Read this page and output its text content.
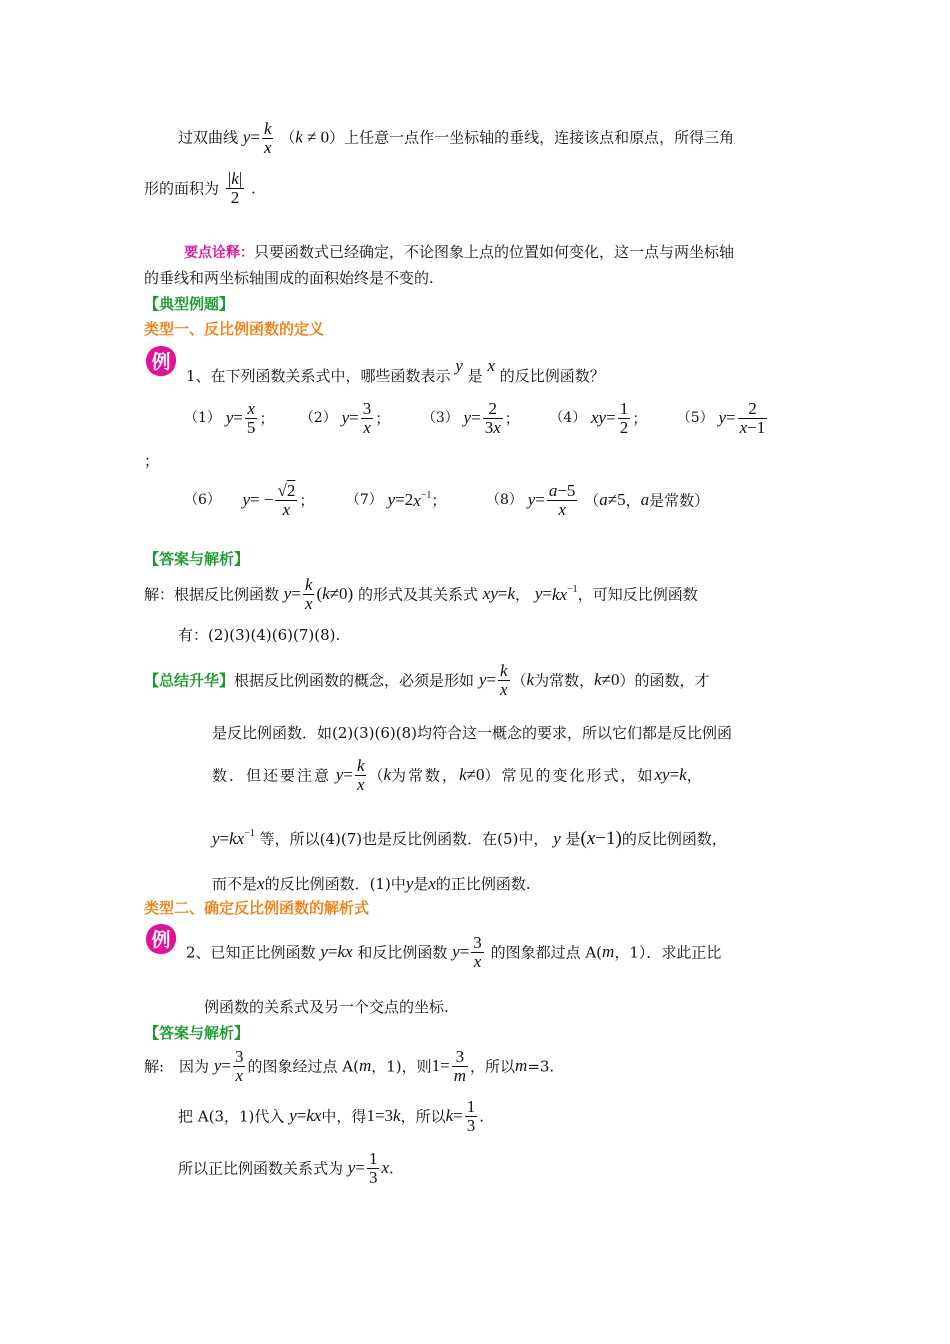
过双曲线 $y= \frac{k}{x} (k \ne 0)$上任意一点作一坐标轴的垂线，连接该点和原点，所得三角
形的面积为 $\frac{|k|}{2}$ .
要点诠释：只要函数式已经确定，不论图象上点的位置如何变化，这一点与两坐标轴
的垂线和两坐标轴围成的面积始终是不变的.
【典型例题】
类型一、反比例函数的定义
例
1、在下列函数关系式中，哪些函数表示 y 是 x 的反比例函数？
（1） $y= \frac{x}{5}$ ； （2） $y= \frac{3}{x}$ ； （3） $y= \frac{2}{3x}$ ； （4） $xy= \frac{1}{2}$ ； （5） $y= \frac{2}{x-1}$
；
（6） $y= - \frac{√2}{x}$ ； （7） $y=2x^{-1}$；	（8） $y= \frac{a-5}{x} (a\ne 5$，a是常数）
【答案与解析】
解：根据反比例函数 $y= \frac{k}{x} (k\ne 0)$ 的形式及其关系式 xy=k， $y=kx^{-1}$，可知反比例函数
有：(2)(3)(4)(6)(7)(8).
【总结升华】根据反比例函数的概念，必须是形如 $y= \frac{k}{x} (k$为常数，k≠0）的函数，才
是反比例函数．如(2)(3)(6)(8)均符合这一概念的要求，所以它们都是反比例函
数．但还要注意 $y= \frac{k}{x} (k$为常数，k≠0）常见的变化形式，如xy=k，
$y=kx^{-1}$ 等，所以(4)(7)也是反比例函数．在(5)中， y 是(x−1)的反比例函数，
而不是x的反比例函数．(1)中y是x的正比例函数.
类型二、确定反比例函数的解析式
例
2、已知正比例函数 y=kx 和反比例函数 $y= \frac{3}{x}$ 的图象都过点 A(m，1）．求此正比
例函数的关系式及另一个交点的坐标.
【答案与解析】
解:　因为 $y= \frac{3}{x}$ 的图象经过点 A(m，1)，则$1= \frac{3}{m}$ ，所以m=3.
把 A(3，1)代入 y=kx中，得1=3k，所以$k= \frac{1}{3}$ .
所以正比例函数关系式为 $y= \frac{1}{3} x$.
